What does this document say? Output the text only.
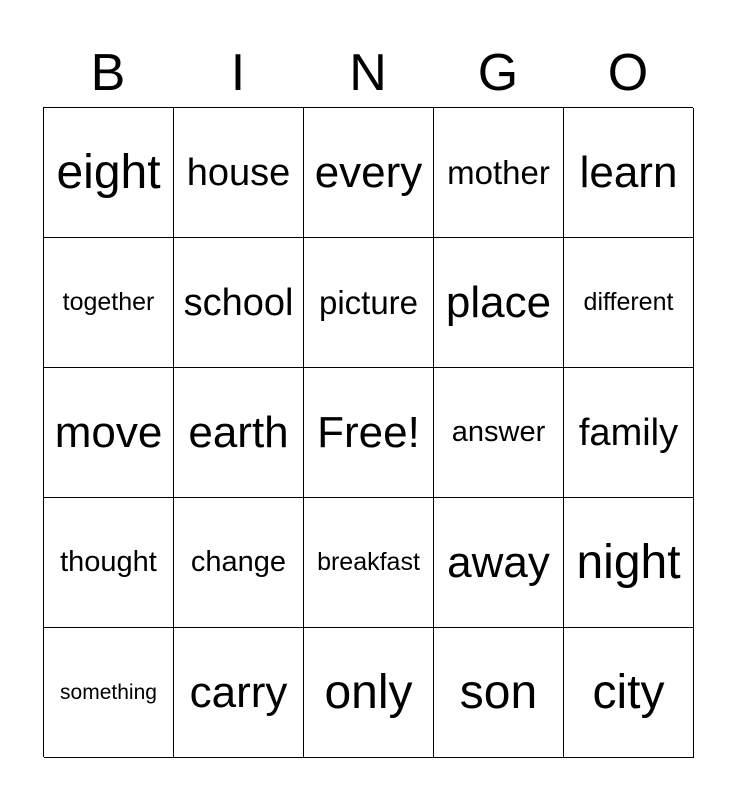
B	I	N	G	O
eight house every mother learn
together school picture place different
move earth Free! answer family
thought change breakfast away night
something carry only son city
